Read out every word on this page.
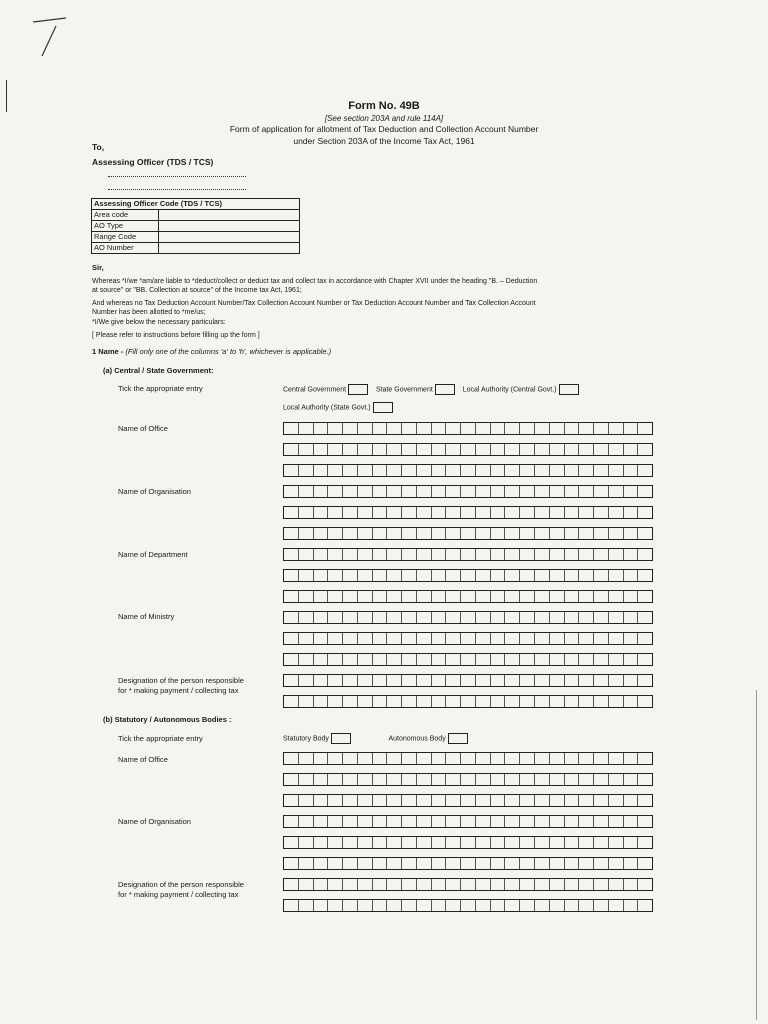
Form No. 49B
[See section 203A and rule 114A]
Form of application for allotment of Tax Deduction and Collection Account Number
under Section 203A of the Income Tax Act, 1961
To,
Assessing Officer (TDS / TCS)
Assessing Officer Code (TDS / TCS)	
Area code	
AO Type	
Range Code	
AO Number	
Sir,
Whereas *I/we *am/are liable to *deduct/collect or deduct tax and collect tax in accordance with Chapter XVII under the heading "B. – Deduction
at source" or "BB. Collection at source" of the Income tax Act, 1961;
And whereas no Tax Deduction Account Number/Tax Collection Account Number or Tax Deduction Account Number and Tax Collection Account
Number has been allotted to *me/us;
*I/We give below the necessary particulars:
[ Please refer to instructions before filling up the form ]
1 Name - (Fill only one of the columns 'a' to 'h', whichever is applicable.)
(a) Central / State Government:
Tick the appropriate entry	Central Government	State Government	Local Authority (Central Govt.)
Local Authority (State Govt.)
Name of Office
Name of Organisation
Name of Department
Name of Ministry
Designation of the person responsible
for * making payment / collecting tax
(b) Statutory / Autonomous Bodies :
Tick the appropriate entry	Statutory Body	Autonomous Body
Name of Office
Name of Organisation
Designation of the person responsible
for * making payment / collecting tax
